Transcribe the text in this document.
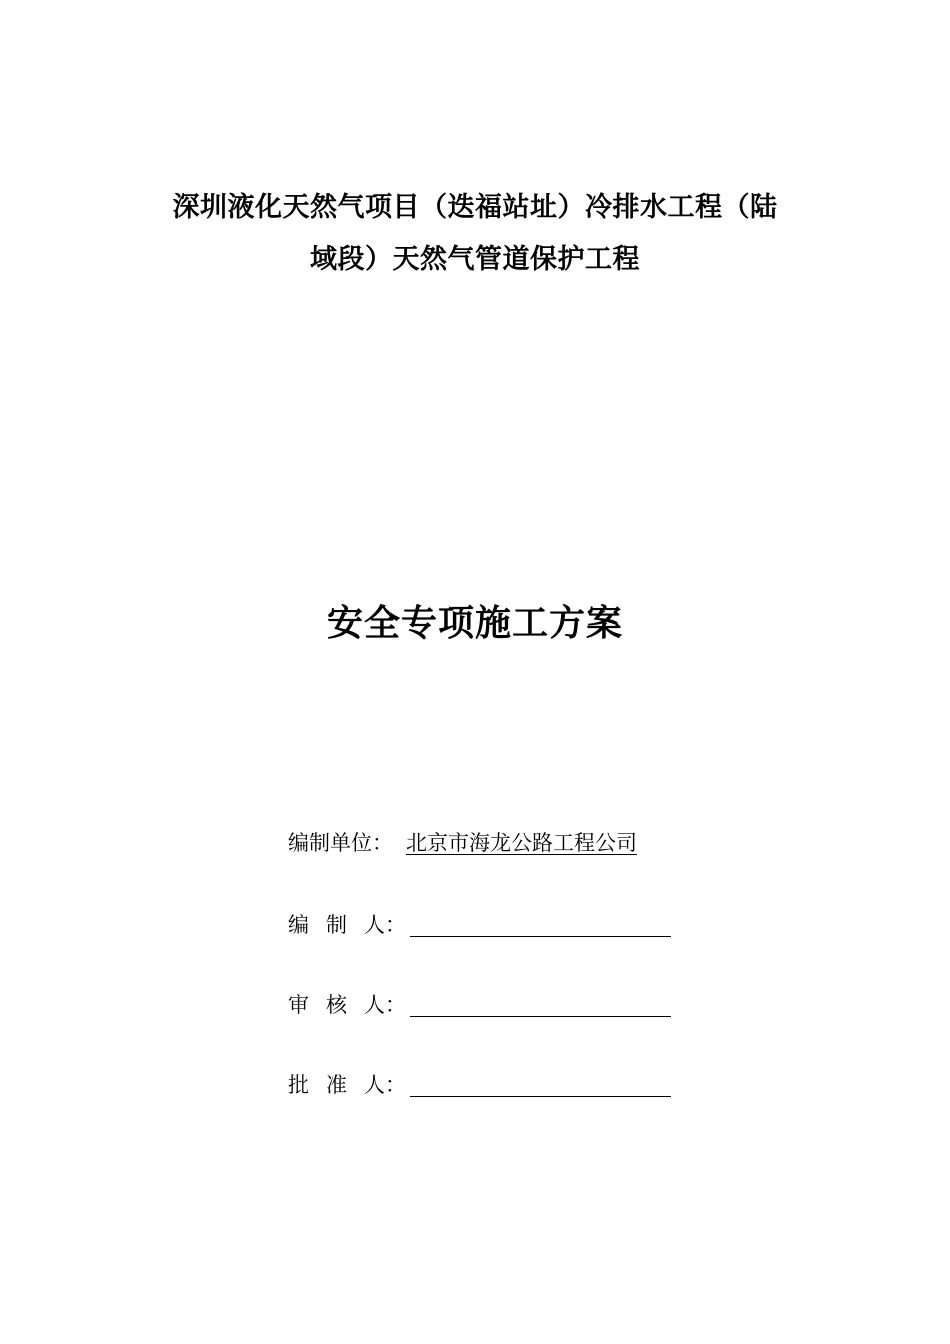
深圳液化天然气项目（迭福站址）冷排水工程（陆
域段）天然气管道保护工程
安全专项施工方案
编制单位： 北京市海龙公路工程公司
编 制 人：
审 核 人：
批 准 人：
